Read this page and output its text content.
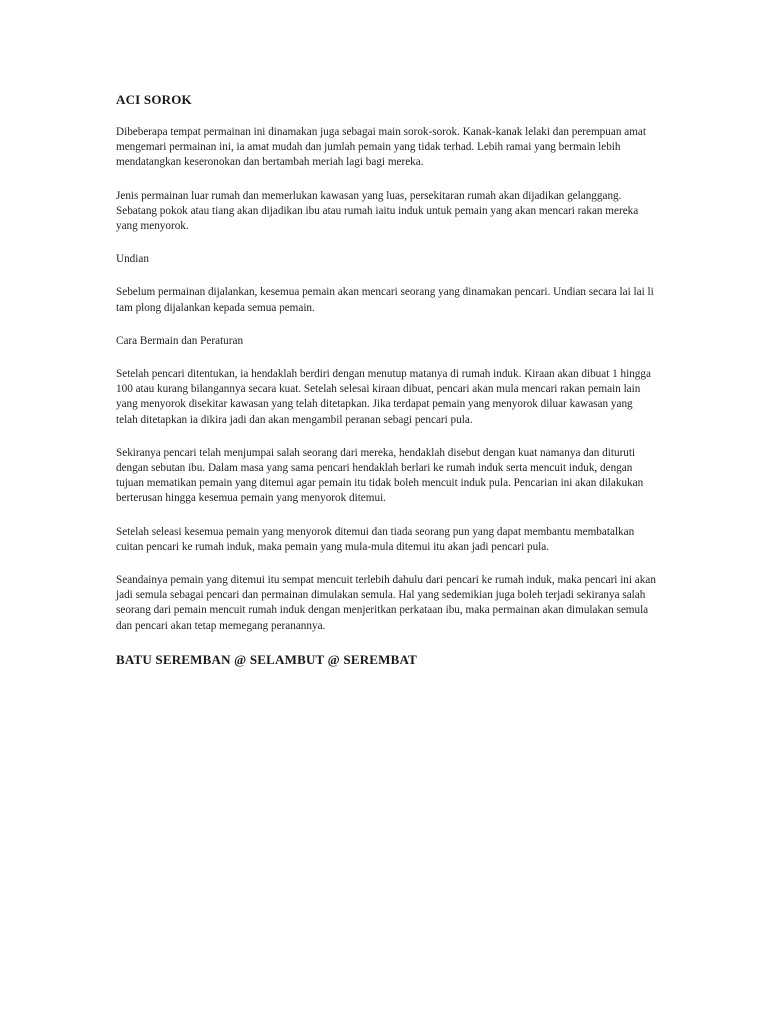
ACI SOROK

Dibeberapa tempat permainan ini dinamakan juga sebagai main sorok-sorok. Kanak-kanak lelaki dan perempuan amat mengemari permainan ini, ia amat mudah dan jumlah pemain yang tidak terhad. Lebih ramai yang bermain lebih mendatangkan keseronokan dan bertambah meriah lagi bagi mereka.

Jenis permainan luar rumah dan memerlukan kawasan yang luas, persekitaran rumah akan dijadikan gelanggang. Sebatang pokok atau tiang akan dijadikan ibu atau rumah iaitu induk untuk pemain yang akan mencari rakan mereka yang menyorok.

Undian

Sebelum permainan dijalankan, kesemua pemain akan mencari seorang yang dinamakan pencari. Undian secara lai lai li tam plong dijalankan kepada semua pemain.

Cara Bermain dan Peraturan

Setelah pencari ditentukan, ia hendaklah berdiri dengan menutup matanya di rumah induk. Kiraan akan dibuat 1 hingga 100 atau kurang bilangannya secara kuat. Setelah selesai kiraan dibuat, pencari akan mula mencari rakan pemain lain yang menyorok disekitar kawasan yang telah ditetapkan. Jika terdapat pemain yang menyorok diluar kawasan yang telah ditetapkan ia dikira jadi dan akan mengambil peranan sebagi pencari pula.

Sekiranya pencari telah menjumpai salah seorang dari mereka, hendaklah disebut dengan kuat namanya dan dituruti dengan sebutan ibu. Dalam masa yang sama pencari hendaklah berlari ke rumah induk serta mencuit induk, dengan tujuan mematikan pemain yang ditemui agar pemain itu tidak boleh mencuit induk pula. Pencarian ini akan dilakukan berterusan hingga kesemua pemain yang menyorok ditemui.

Setelah seleasi kesemua pemain yang menyorok ditemui dan tiada seorang pun yang dapat membantu membatalkan cuitan pencari ke rumah induk, maka pemain yang mula-mula ditemui itu akan jadi pencari pula.

Seandainya pemain yang ditemui itu sempat mencuit terlebih dahulu dari pencari ke rumah induk, maka pencari ini akan jadi semula sebagai pencari dan permainan dimulakan semula. Hal yang sedemikian juga boleh terjadi sekiranya salah seorang dari pemain mencuit rumah induk dengan menjeritkan perkataan ibu, maka permainan akan dimulakan semula dan pencari akan tetap memegang peranannya.

BATU SEREMBAN @ SELAMBUT @ SEREMBAT
